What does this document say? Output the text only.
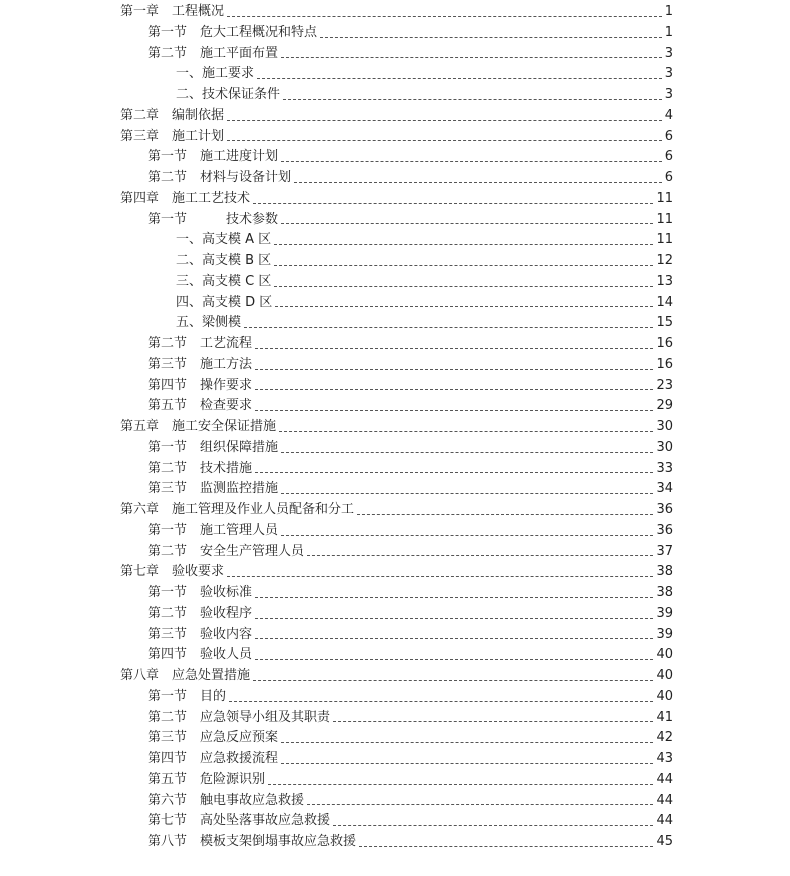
第一章　工程概况	1
第一节　危大工程概况和特点	1
第二节　施工平面布置	3
一、施工要求	3
二、技术保证条件	3
第二章　编制依据	4
第三章　施工计划	6
第一节　施工进度计划	6
第二节　材料与设备计划	6
第四章　施工工艺技术	11
第一节　　　技术参数	11
一、高支模 A 区	11
二、高支模 B 区	12
三、高支模 C 区	13
四、高支模 D 区	14
五、梁侧模	15
第二节　工艺流程	16
第三节　施工方法	16
第四节　操作要求	23
第五节　检查要求	29
第五章　施工安全保证措施	30
第一节　组织保障措施	30
第二节　技术措施	33
第三节　监测监控措施	34
第六章　施工管理及作业人员配备和分工	36
第一节　施工管理人员	36
第二节　安全生产管理人员	37
第七章　验收要求	38
第一节　验收标准	38
第二节　验收程序	39
第三节　验收内容	39
第四节　验收人员	40
第八章　应急处置措施	40
第一节　目的	40
第二节　应急领导小组及其职责	41
第三节　应急反应预案	42
第四节　应急救援流程	43
第五节　危险源识别	44
第六节　触电事故应急救援	44
第七节　高处坠落事故应急救援	44
第八节　模板支架倒塌事故应急救援	45
